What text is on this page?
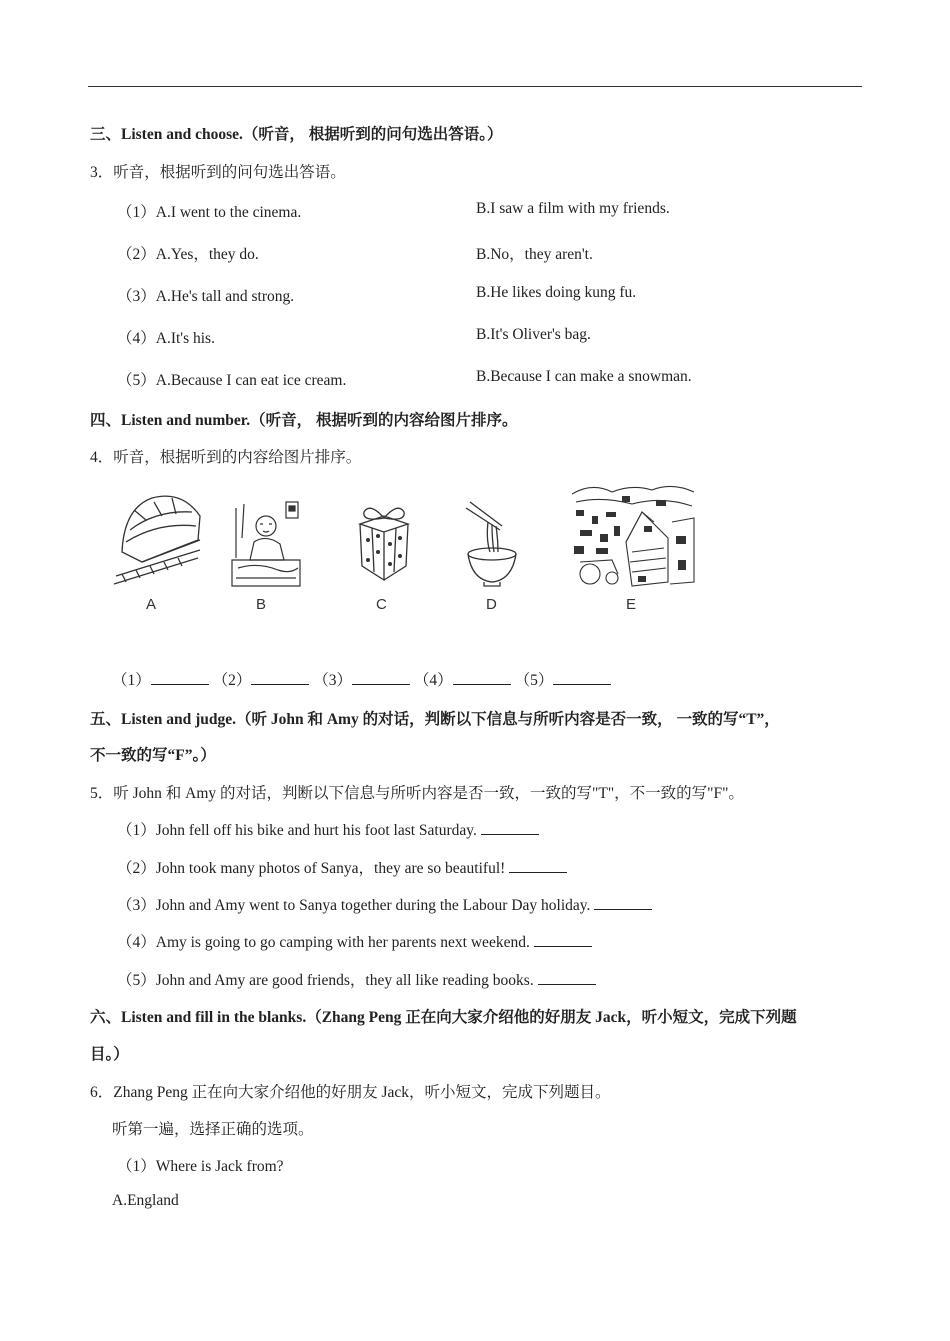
三、Listen and choose.（听音， 根据听到的问句选出答语。）
3．听音，根据听到的问句选出答语。
（1）A.I went to the cinema.	B.I saw a film with my friends.
（2）A.Yes，they do.	B.No，they aren't.
（3）A.He's tall and strong.	B.He likes doing kung fu.
（4）A.It's his.	B.It's Oliver's bag.
（5）A.Because I can eat ice cream.	B.Because I can make a snowman.
四、Listen and number.（听音， 根据听到的内容给图片排序。
4．听音，根据听到的内容给图片排序。
A	B	C	D	E
（1）	（2）	（3）	（4）	（5）
五、Listen and judge.（听 John 和 Amy 的对话，判断以下信息与所听内容是否一致， 一致的写“T”，
不一致的写“F”。）
5．听 John 和 Amy 的对话，判断以下信息与所听内容是否一致，一致的写"T"，不一致的写"F"。
（1）John fell off his bike and hurt his foot last Saturday.
（2）John took many photos of Sanya，they are so beautiful!
（3）John and Amy went to Sanya together during the Labour Day holiday.
（4）Amy is going to go camping with her parents next weekend.
（5）John and Amy are good friends，they all like reading books.
六、Listen and fill in the blanks.（Zhang Peng 正在向大家介绍他的好朋友 Jack，听小短文，完成下列题
目。）
6．Zhang Peng 正在向大家介绍他的好朋友 Jack，听小短文，完成下列题目。
听第一遍，选择正确的选项。
（1）Where is Jack from?
A.England
